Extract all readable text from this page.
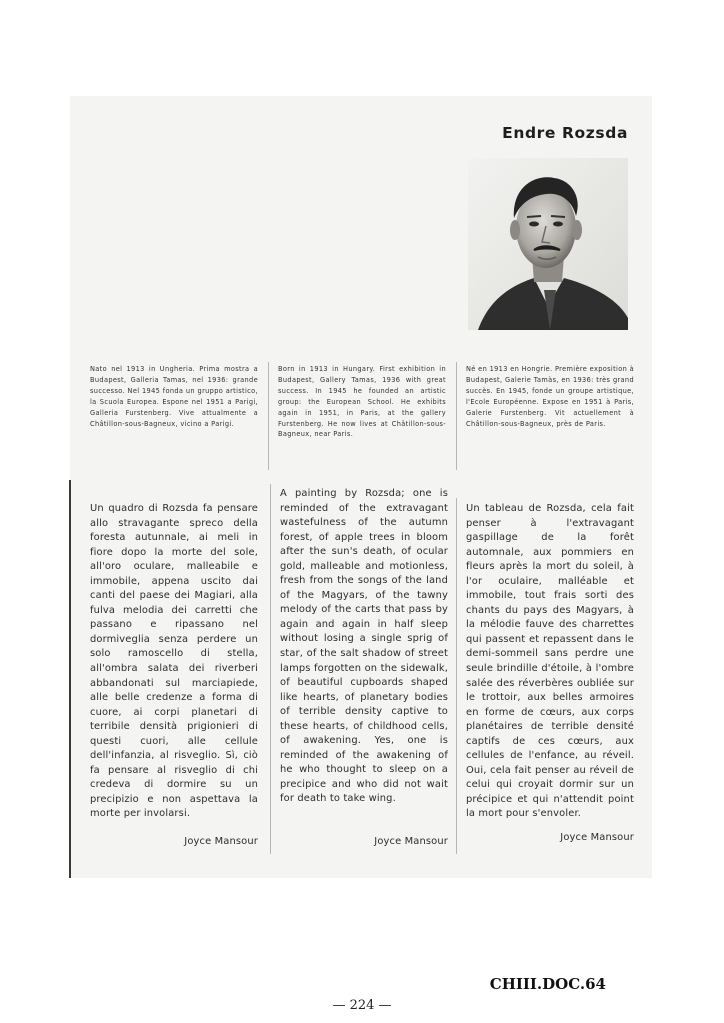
Endre Rozsda
Nato nel 1913 in Ungheria. Prima mostra a Budapest, Galleria Tamas, nel 1936: grande successo. Nel 1945 fonda un gruppo artistico, la Scuola Europea. Espone nel 1951 a Parigi, Galleria Furstenberg. Vive attualmente a Châtillon-sous-Bagneux, vicino a Parigi.
Born in 1913 in Hungary. First exhibition in Budapest, Gallery Tamas, 1936 with great success. In 1945 he founded an artistic group: the European School. He exhibits again in 1951, in Paris, at the gallery Furstenberg. He now lives at Châtillon-sous-Bagneux, near Paris.
Né en 1913 en Hongrie. Première exposition à Budapest, Galerie Tamàs, en 1936: très grand succès. En 1945, fonde un groupe artistique, l'Ecole Européenne. Expose en 1951 à Paris, Galerie Furstenberg. Vit actuellement à Châtillon-sous-Bagneux, près de Paris.
Un quadro di Rozsda fa pensare allo stravagante spreco della foresta autunnale, ai meli in fiore dopo la morte del sole, all'oro oculare, malleabile e immobile, appena uscito dai canti del paese dei Magiari, alla fulva melodia dei carretti che passano e ripassano nel dormiveglia senza perdere un solo ramoscello di stella, all'ombra salata dei riverberi abbandonati sul marciapiede, alle belle credenze a forma di cuore, ai corpi planetari di terribile densità prigionieri di questi cuori, alle cellule dell'infanzia, al risveglio. Sì, ciò fa pensare al risveglio di chi credeva di dormire su un precipizio e non aspettava la morte per involarsi.
A painting by Rozsda; one is reminded of the extravagant wastefulness of the autumn forest, of apple trees in bloom after the sun's death, of ocular gold, malleable and motionless, fresh from the songs of the land of the Magyars, of the tawny melody of the carts that pass by again and again in half sleep without losing a single sprig of star, of the salt shadow of street lamps forgotten on the sidewalk, of beautiful cupboards shaped like hearts, of planetary bodies of terrible density captive to these hearts, of childhood cells, of awakening. Yes, one is reminded of the awakening of he who thought to sleep on a precipice and who did not wait for death to take wing.
Un tableau de Rozsda, cela fait penser à l'extravagant gaspillage de la forêt automnale, aux pommiers en fleurs après la mort du soleil, à l'or oculaire, malléable et immobile, tout frais sorti des chants du pays des Magyars, à la mélodie fauve des charrettes qui passent et repassent dans le demi-sommeil sans perdre une seule brindille d'étoile, à l'ombre salée des réverbères oubliée sur le trottoir, aux belles armoires en forme de cœurs, aux corps planétaires de terrible densité captifs de ces cœurs, aux cellules de l'enfance, au réveil. Oui, cela fait penser au réveil de celui qui croyait dormir sur un précipice et qui n'attendit point la mort pour s'envoler.
Joyce Mansour	Joyce Mansour	Joyce Mansour
CHIII.DOC.64
— 224 —
